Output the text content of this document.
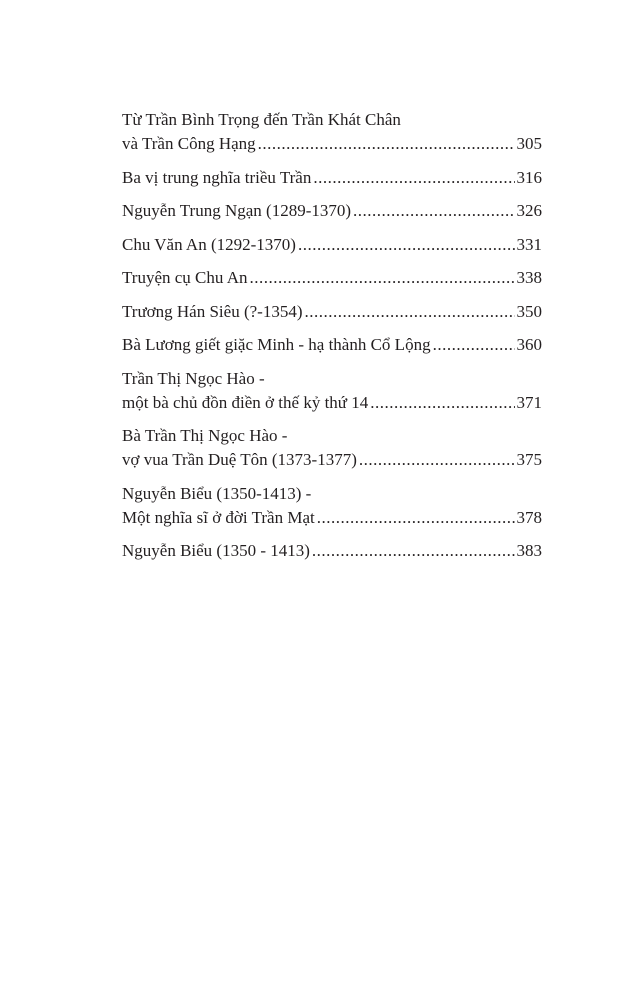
Từ Trần Bình Trọng đến Trần Khát Chân
và Trần Công Hạng .....	305
Ba vị trung nghĩa triều Trần .....	316
Nguyễn Trung Ngạn (1289-1370) .....	326
Chu Văn An (1292-1370) .....	331
Truyện cụ Chu An .....	338
Trương Hán Siêu (?-1354) .....	350
Bà Lương giết giặc Minh - hạ thành Cổ Lộng .....	360
Trần Thị Ngọc Hào -
một bà chủ đồn điền ở thế kỷ thứ 14 .....	371
Bà Trần Thị Ngọc Hào -
vợ vua Trần Duệ Tôn (1373-1377) .....	375
Nguyễn Biểu (1350-1413) -
Một nghĩa sĩ ở đời Trần Mạt .....	378
Nguyễn Biểu (1350 - 1413) .....	383
